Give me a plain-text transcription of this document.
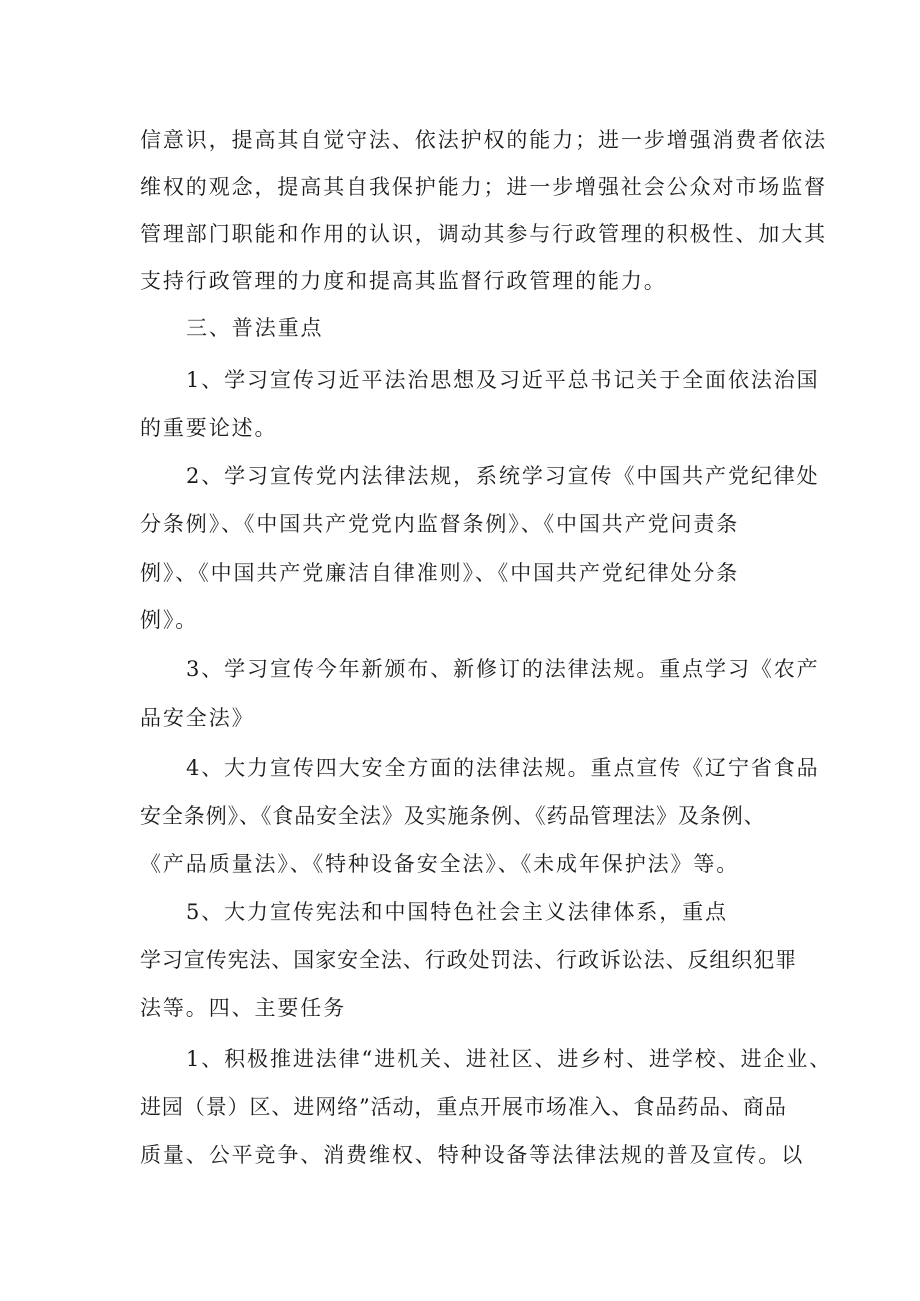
信意识，提高其自觉守法、依法护权的能力；进一步增强消费者依法
维权的观念，提高其自我保护能力；进一步增强社会公众对市场监督
管理部门职能和作用的认识，调动其参与行政管理的积极性、加大其
支持行政管理的力度和提高其监督行政管理的能力。
三、普法重点
1、学习宣传习近平法治思想及习近平总书记关于全面依法治国
的重要论述。
2、学习宣传党内法律法规，系统学习宣传《中国共产党纪律处
分条例》、《中国共产党党内监督条例》、《中国共产党问责条
例》、《中国共产党廉洁自律准则》、《中国共产党纪律处分条
例》。
3、学习宣传今年新颁布、新修订的法律法规。重点学习《农产
品安全法》
4、大力宣传四大安全方面的法律法规。重点宣传《辽宁省食品
安全条例》、《食品安全法》及实施条例、《药品管理法》及条例、
《产品质量法》、《特种设备安全法》、《未成年保护法》等。
5、大力宣传宪法和中国特色社会主义法律体系，重点
学习宣传宪法、国家安全法、行政处罚法、行政诉讼法、反组织犯罪
法等。四、主要任务
1、积极推进法律“进机关、进社区、进乡村、进学校、进企业、
进园（景）区、进网络”活动，重点开展市场准入、食品药品、商品
质量、公平竞争、消费维权、特种设备等法律法规的普及宣传。以
